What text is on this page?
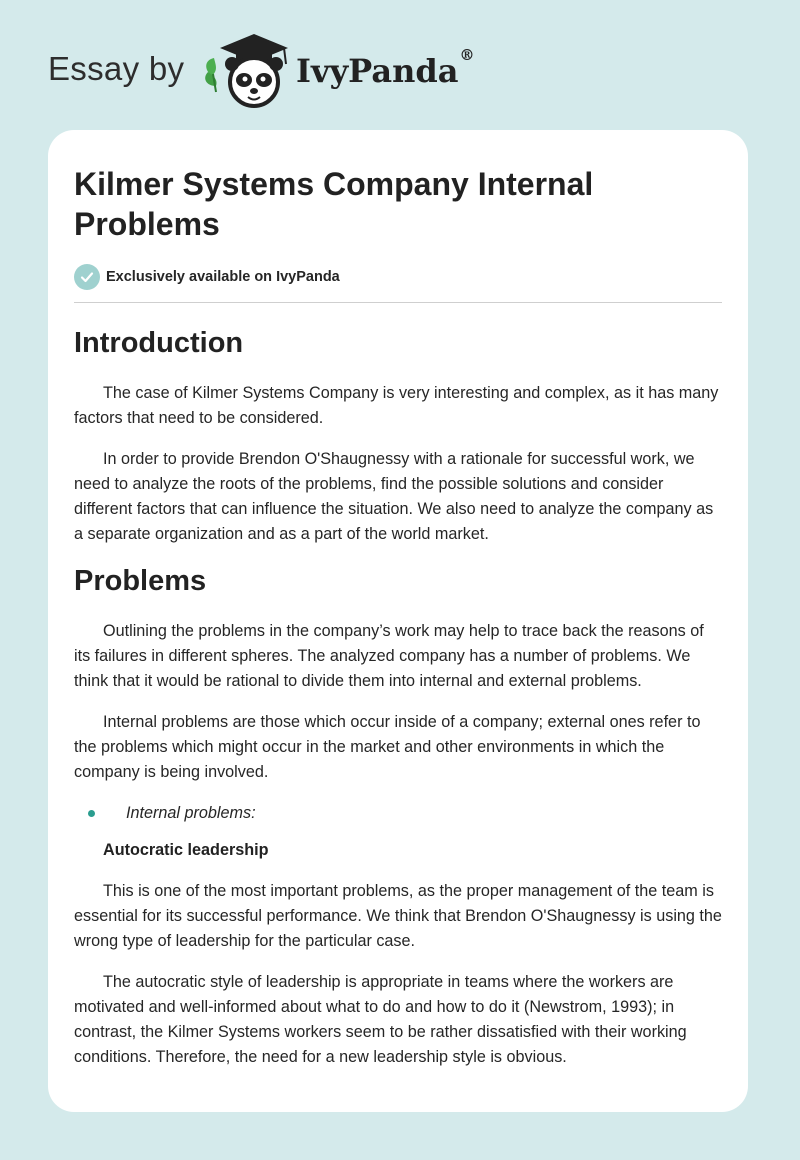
Essay by	IvyPanda®
Kilmer Systems Company Internal Problems
Exclusively available on IvyPanda
Introduction

The case of Kilmer Systems Company is very interesting and complex, as it has many factors that need to be considered.

In order to provide Brendon O'Shaugnessy with a rationale for successful work, we need to analyze the roots of the problems, find the possible solutions and consider different factors that can influence the situation. We also need to analyze the company as a separate organization and as a part of the world market.

Problems

Outlining the problems in the company’s work may help to trace back the reasons of its failures in different spheres. The analyzed company has a number of problems. We think that it would be rational to divide them into internal and external problems.

Internal problems are those which occur inside of a company; external ones refer to the problems which might occur in the market and other environments in which the company is being involved.

Internal problems:
Autocratic leadership

This is one of the most important problems, as the proper management of the team is essential for its successful performance. We think that Brendon O'Shaugnessy is using the wrong type of leadership for the particular case.

The autocratic style of leadership is appropriate in teams where the workers are motivated and well-informed about what to do and how to do it (Newstrom, 1993); in contrast, the Kilmer Systems workers seem to be rather dissatisfied with their working conditions. Therefore, the need for a new leadership style is obvious.
